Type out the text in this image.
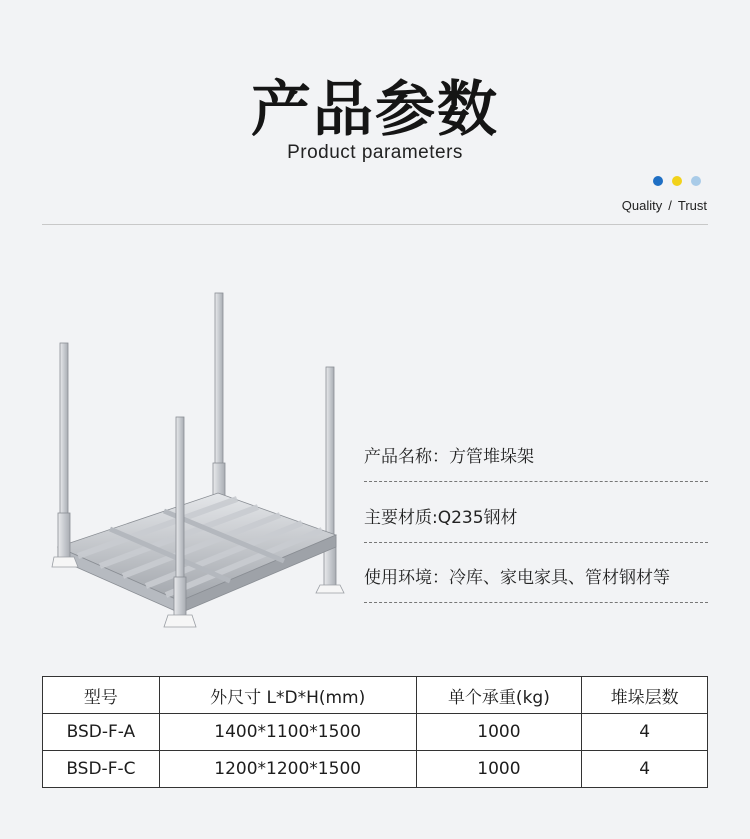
产品参数
Product parameters
Quality / Trust
产品名称：方管堆垛架
主要材质:Q235钢材
使用环境：冷库、家电家具、管材钢材等
型号	外尺寸 L*D*H(mm)	单个承重(kg)	堆垛层数
BSD-F-A	1400*1100*1500	1000	4
BSD-F-C	1200*1200*1500	1000	4
